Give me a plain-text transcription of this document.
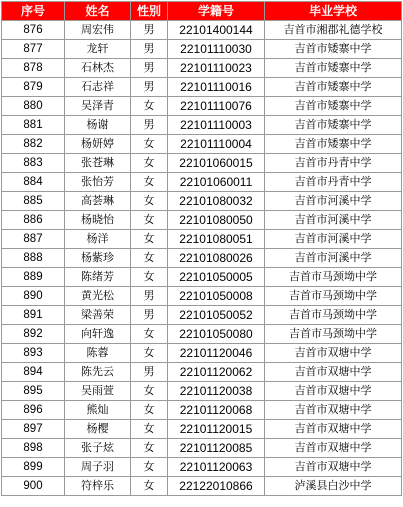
序号	姓名	性别	学籍号	毕业学校
876	周宏伟	男	22101400144	吉首市湘郡礼德学校
877	龙轩	男	22101110030	吉首市矮寨中学
878	石林杰	男	22101110023	吉首市矮寨中学
879	石志祥	男	22101110016	吉首市矮寨中学
880	吴泽青	女	22101110076	吉首市矮寨中学
881	杨谢	男	22101110003	吉首市矮寨中学
882	杨妍婷	女	22101110004	吉首市矮寨中学
883	张苍琳	女	22101060015	吉首市丹青中学
884	张怡芳	女	22101060011	吉首市丹青中学
885	高荟琳	女	22101080032	吉首市河溪中学
886	杨晓怡	女	22101080050	吉首市河溪中学
887	杨洋	女	22101080051	吉首市河溪中学
888	杨紫珍	女	22101080026	吉首市河溪中学
889	陈绪芳	女	22101050005	吉首市马颈坳中学
890	黄光松	男	22101050008	吉首市马颈坳中学
891	梁善荣	男	22101050052	吉首市马颈坳中学
892	向轩逸	女	22101050080	吉首市马颈坳中学
893	陈蓉	女	22101120046	吉首市双塘中学
894	陈先云	男	22101120062	吉首市双塘中学
895	吴雨萱	女	22101120038	吉首市双塘中学
896	熊灿	女	22101120068	吉首市双塘中学
897	杨樱	女	22101120015	吉首市双塘中学
898	张子炫	女	22101120085	吉首市双塘中学
899	周子羽	女	22101120063	吉首市双塘中学
900	符梓乐	女	22122010866	泸溪县白沙中学
